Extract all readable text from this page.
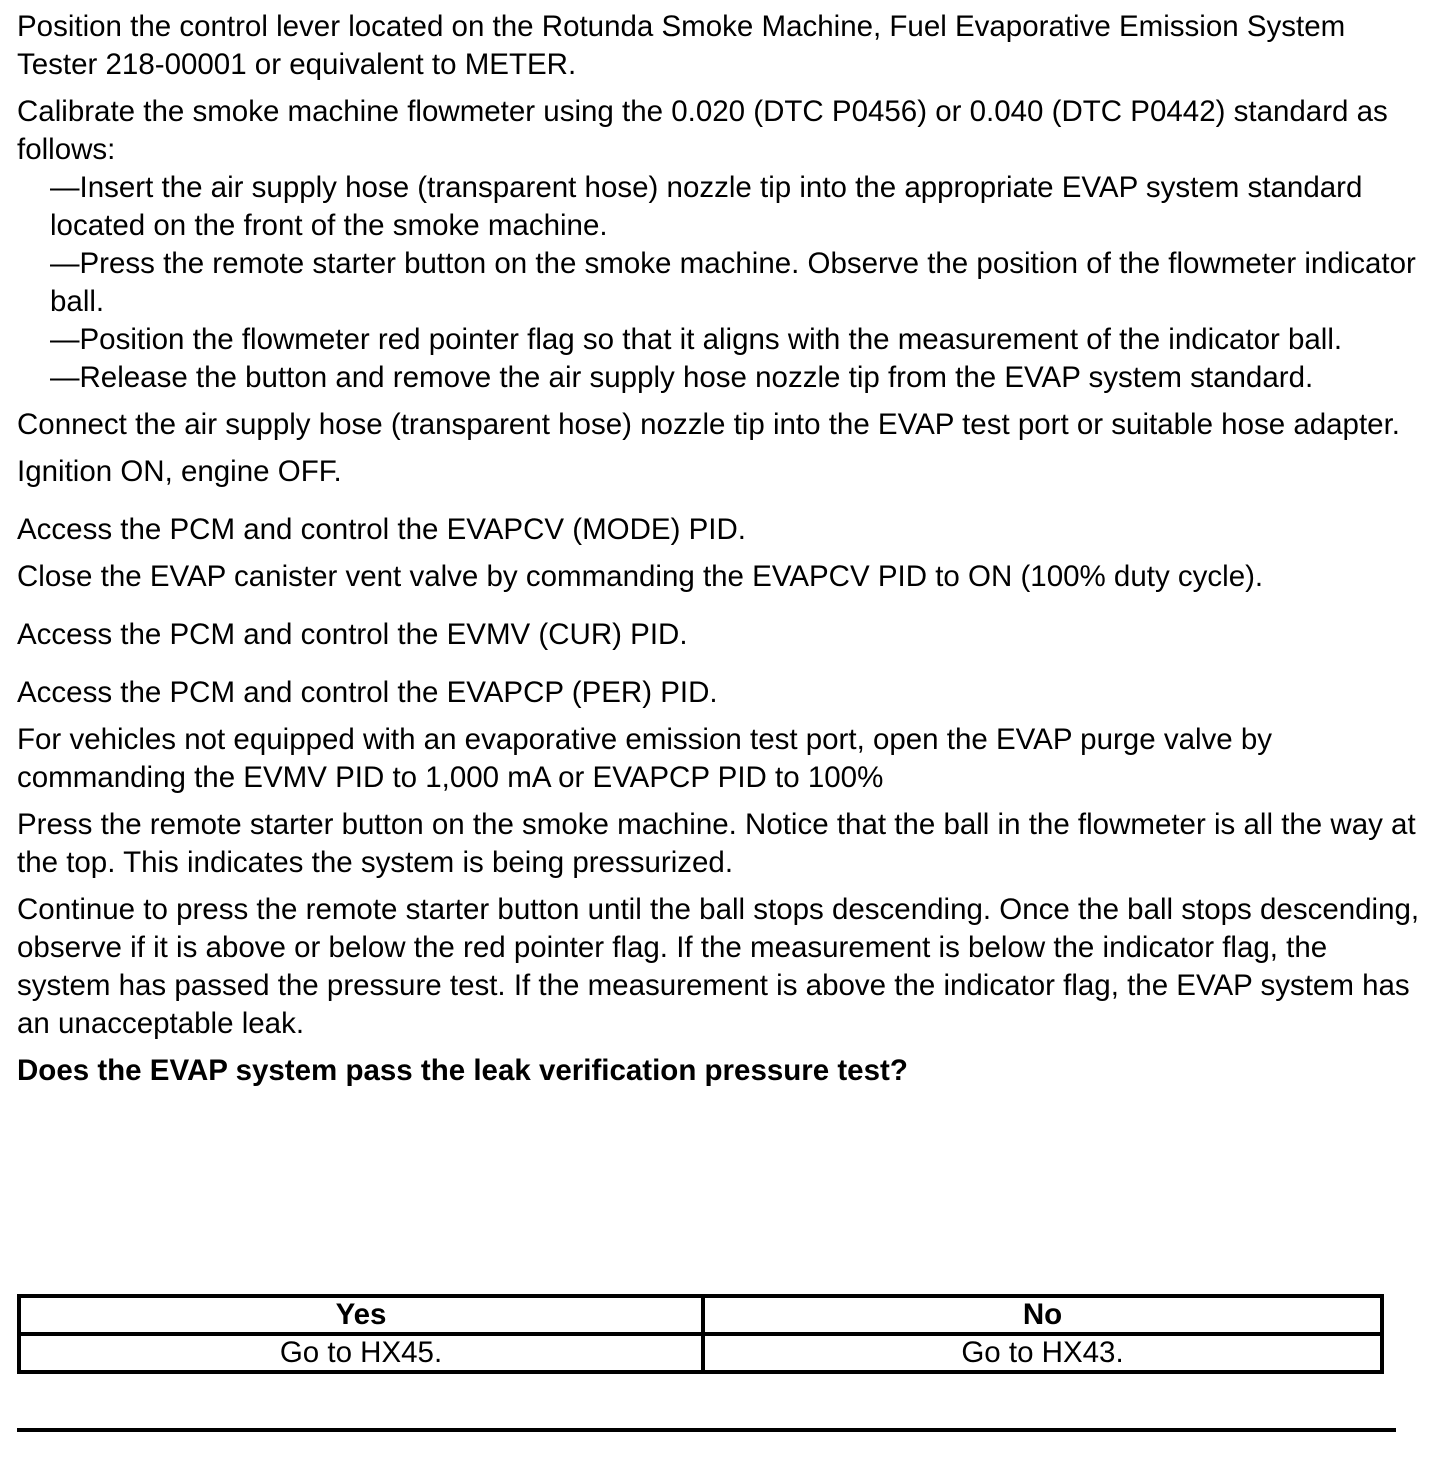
Position the control lever located on the Rotunda Smoke Machine, Fuel Evaporative Emission System Tester 218-00001 or equivalent to METER.

Calibrate the smoke machine flowmeter using the 0.020 (DTC P0456) or 0.040 (DTC P0442) standard as follows:
—Insert the air supply hose (transparent hose) nozzle tip into the appropriate EVAP system standard located on the front of the smoke machine.
—Press the remote starter button on the smoke machine. Observe the position of the flowmeter indicator ball.
—Position the flowmeter red pointer flag so that it aligns with the measurement of the indicator ball.
—Release the button and remove the air supply hose nozzle tip from the EVAP system standard.

Connect the air supply hose (transparent hose) nozzle tip into the EVAP test port or suitable hose adapter.

Ignition ON, engine OFF.

Access the PCM and control the EVAPCV (MODE) PID.

Close the EVAP canister vent valve by commanding the EVAPCV PID to ON (100% duty cycle).

Access the PCM and control the EVMV (CUR) PID.

Access the PCM and control the EVAPCP (PER) PID.

For vehicles not equipped with an evaporative emission test port, open the EVAP purge valve by commanding the EVMV PID to 1,000 mA or EVAPCP PID to 100%

Press the remote starter button on the smoke machine. Notice that the ball in the flowmeter is all the way at the top. This indicates the system is being pressurized.

Continue to press the remote starter button until the ball stops descending. Once the ball stops descending, observe if it is above or below the red pointer flag. If the measurement is below the indicator flag, the system has passed the pressure test. If the measurement is above the indicator flag, the EVAP system has an unacceptable leak.

Does the EVAP system pass the leak verification pressure test?

Yes	No
Go to HX45.	Go to HX43.
